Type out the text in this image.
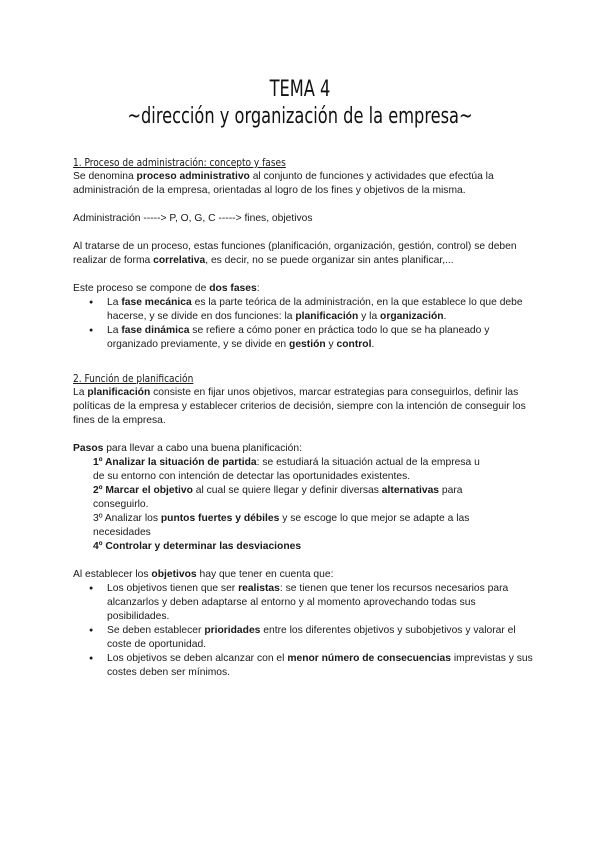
TEMA 4
~dirección y organización de la empresa~
1. Proceso de administración: concepto y fases

Se denomina proceso administrativo al conjunto de funciones y actividades que efectúa la administración de la empresa, orientadas al logro de los fines y objetivos de la misma.

Administración -----> P, O, G, C -----> fines, objetivos

Al tratarse de un proceso, estas funciones (planificación, organización, gestión, control) se deben realizar de forma correlativa, es decir, no se puede organizar sin antes planificar,...

Este proceso se compone de dos fases:

● La fase mecánica es la parte teórica de la administración, en la que establece lo que debe hacerse, y se divide en dos funciones: la planificación y la organización.
● La fase dinámica se refiere a cómo poner en práctica todo lo que se ha planeado y organizado previamente, y se divide en gestión y control.
2. Función de planificación

La planificación consiste en fijar unos objetivos, marcar estrategias para conseguirlos, definir las políticas de la empresa y establecer criterios de decisión, siempre con la intención de conseguir los fines de la empresa.

Pasos para llevar a cabo una buena planificación:

1º Analizar la situación de partida: se estudiará la situación actual de la empresa u

de su entorno con intención de detectar las oportunidades existentes.

2º Marcar el objetivo al cual se quiere llegar y definir diversas alternativas para

conseguirlo.

3º Analizar los puntos fuertes y débiles y se escoge lo que mejor se adapte a las

necesidades

4º Controlar y determinar las desviaciones

Al establecer los objetivos hay que tener en cuenta que:

● Los objetivos tienen que ser realistas: se tienen que tener los recursos necesarios para alcanzarlos y deben adaptarse al entorno y al momento aprovechando todas sus posibilidades.
● Se deben establecer prioridades entre los diferentes objetivos y subobjetivos y valorar el coste de oportunidad.
● Los objetivos se deben alcanzar con el menor número de consecuencias imprevistas y sus costes deben ser mínimos.
